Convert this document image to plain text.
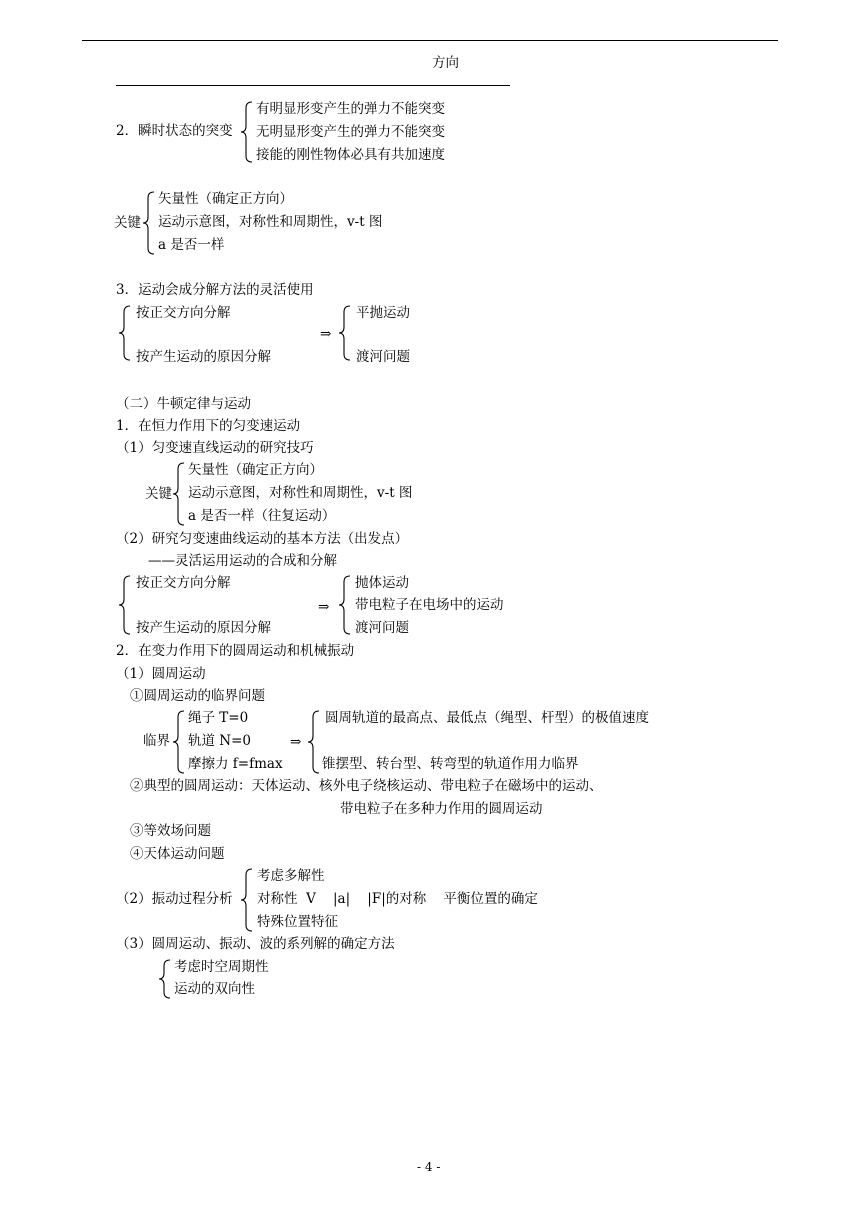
方向
2．瞬时状态的突变
有明显形变产生的弹力不能突变
无明显形变产生的弹力不能突变
接能的刚性物体必具有共加速度
关键
矢量性（确定正方向）
运动示意图，对称性和周期性，v-t 图
a 是否一样
3．运动会成分解方法的灵活使用
按正交方向分解
按产生运动的原因分解
⇒
平抛运动
渡河问题
（二）牛顿定律与运动
1．在恒力作用下的匀变速运动
（1）匀变速直线运动的研究技巧
关键
矢量性（确定正方向）
运动示意图，对称性和周期性，v-t 图
a 是否一样（往复运动）
（2）研究匀变速曲线运动的基本方法（出发点）
——灵活运用运动的合成和分解
按正交方向分解
按产生运动的原因分解
⇒
抛体运动
带电粒子在电场中的运动
渡河问题
2．在变力作用下的圆周运动和机械振动
（1）圆周运动
①圆周运动的临界问题
临界
绳子 T=0
轨道 N=0
摩擦力 f=fmax
⇒
圆周轨道的最高点、最低点（绳型、杆型）的极值速度
锥摆型、转台型、转弯型的轨道作用力临界
②典型的圆周运动：天体运动、核外电子绕核运动、带电粒子在磁场中的运动、
带电粒子在多种力作用的圆周运动
③等效场问题
④天体运动问题
（2）振动过程分析
考虑多解性
对称性  V    |a|    |F|的对称    平衡位置的确定
特殊位置特征
（3）圆周运动、振动、波的系列解的确定方法
考虑时空周期性
运动的双向性
- 4 -
